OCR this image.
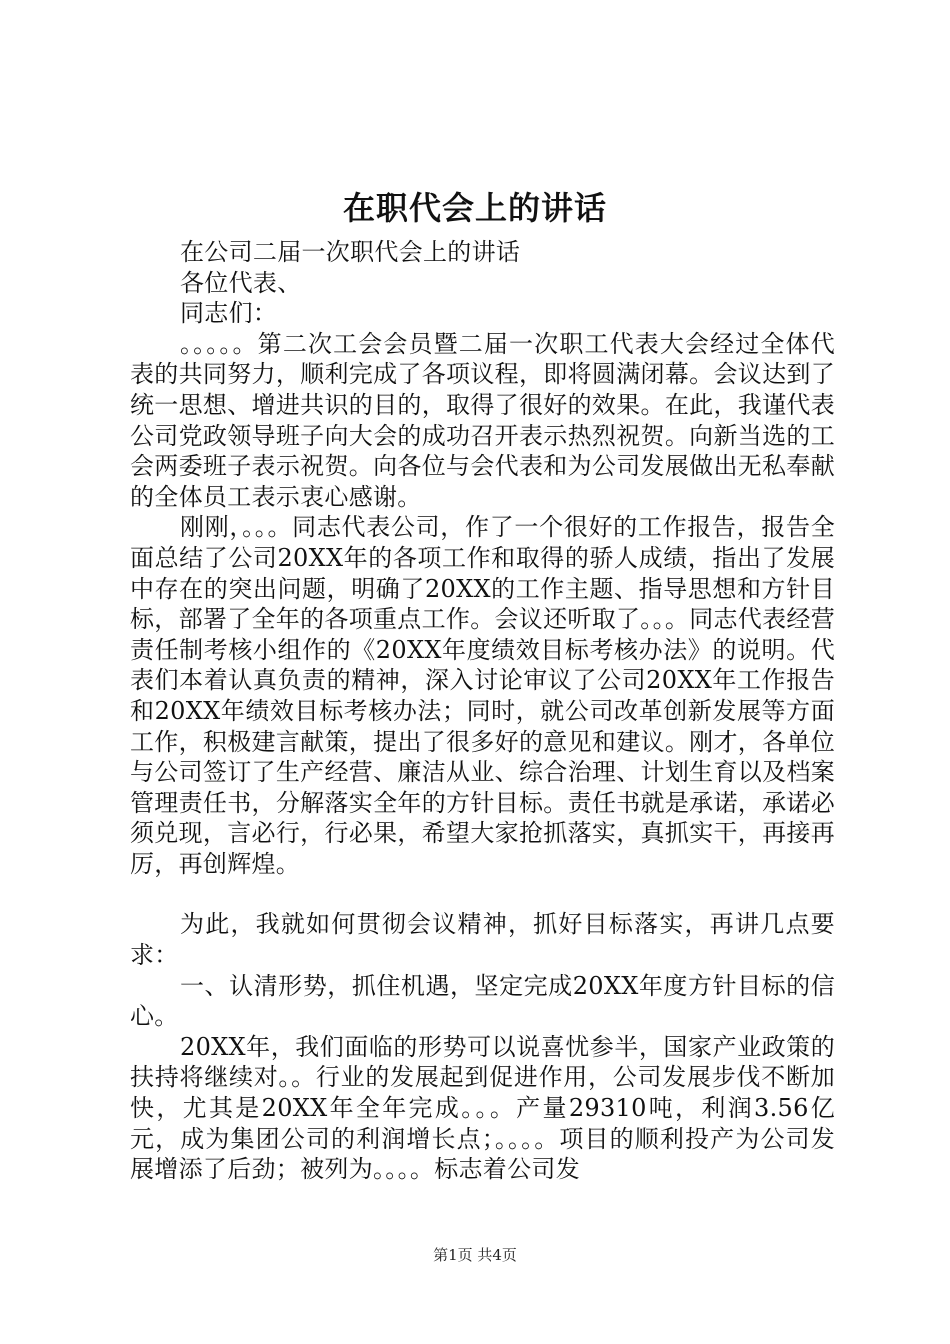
在职代会上的讲话

在公司二届一次职代会上的讲话

各位代表、

同志们：

。。。。。第二次工会会员暨二届一次职工代表大会经过全体代表的共同努力，顺利完成了各项议程，即将圆满闭幕。会议达到了统一思想、增进共识的目的，取得了很好的效果。在此，我谨代表公司党政领导班子向大会的成功召开表示热烈祝贺。向新当选的工会两委班子表示祝贺。向各位与会代表和为公司发展做出无私奉献的全体员工表示衷心感谢。

刚刚，。。。同志代表公司，作了一个很好的工作报告，报告全面总结了公司20XX年的各项工作和取得的骄人成绩，指出了发展中存在的突出问题，明确了20XX的工作主题、指导思想和方针目标，部署了全年的各项重点工作。会议还听取了。。。同志代表经营责任制考核小组作的《20XX年度绩效目标考核办法》的说明。代表们本着认真负责的精神，深入讨论审议了公司20XX年工作报告和20XX年绩效目标考核办法；同时，就公司改革创新发展等方面工作，积极建言献策，提出了很多好的意见和建议。刚才，各单位与公司签订了生产经营、廉洁从业、综合治理、计划生育以及档案管理责任书，分解落实全年的方针目标。责任书就是承诺，承诺必须兑现，言必行，行必果，希望大家抢抓落实，真抓实干，再接再厉，再创辉煌。

为此，我就如何贯彻会议精神，抓好目标落实，再讲几点要求：

一、认清形势，抓住机遇，坚定完成20XX年度方针目标的信心。

20XX年，我们面临的形势可以说喜忧参半，国家产业政策的扶持将继续对。。行业的发展起到促进作用，公司发展步伐不断加快，尤其是20XX年全年完成。。。产量29310吨，利润3.56亿元，成为集团公司的利润增长点；。。。。项目的顺利投产为公司发展增添了后劲；被列为。。。。标志着公司发

第1页 共4页
